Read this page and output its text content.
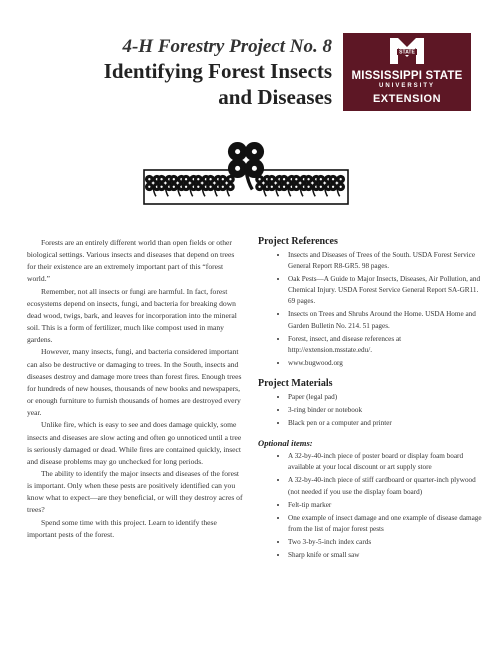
4-H Forestry Project No. 8
Identifying Forest Insects
and Diseases
STATE
MISSISSIPPI STATE
UNIVERSITY
EXTENSION

Forests are an entirely different world than open fields or other biological settings. Various insects and diseases that depend on trees for their existence are an extremely important part of this “forest world.”

Remember, not all insects or fungi are harmful. In fact, forest ecosystems depend on insects, fungi, and bacteria for breaking down dead wood, twigs, bark, and leaves for incorporation into the mineral soil. This is a form of fertilizer, much like compost used in many gardens.

However, many insects, fungi, and bacteria considered important can also be destructive or damaging to trees. In the South, insects and diseases destroy and damage more trees than forest fires. Enough trees for hundreds of new houses, thousands of new books and newspapers, or enough furniture to furnish thousands of homes are destroyed every year.

Unlike fire, which is easy to see and does damage quickly, some insects and diseases are slow acting and often go unnoticed until a tree is seriously damaged or dead. While fires are contained quickly, insect and disease problems may go unchecked for long periods.

The ability to identify the major insects and diseases of the forest is important. Only when these pests are positively identified can you know what to expect—are they beneficial, or will they destroy acres of trees?

Spend some time with this project. Learn to identify these important pests of the forest.

Project References
• Insects and Diseases of Trees of the South. USDA Forest Service General Report R8-GR5. 98 pages.
• Oak Pests—A Guide to Major Insects, Diseases, Air Pollution, and Chemical Injury. USDA Forest Service General Report SA-GR11. 69 pages.
• Insects on Trees and Shrubs Around the Home. USDA Home and Garden Bulletin No. 214. 51 pages.
• Forest, insect, and disease references at http://extension.msstate.edu/.
• www.bugwood.org
Project Materials
• Paper (legal pad)
• 3-ring binder or notebook
• Black pen or a computer and printer
Optional items:
• A 32-by-40-inch piece of poster board or display foam board available at your local discount or art supply store
• A 32-by-40-inch piece of stiff cardboard or quarter-inch plywood (not needed if you use the display foam board)
• Felt-tip marker
• One example of insect damage and one example of disease damage from the list of major forest pests
• Two 3-by-5-inch index cards
• Sharp knife or small saw
